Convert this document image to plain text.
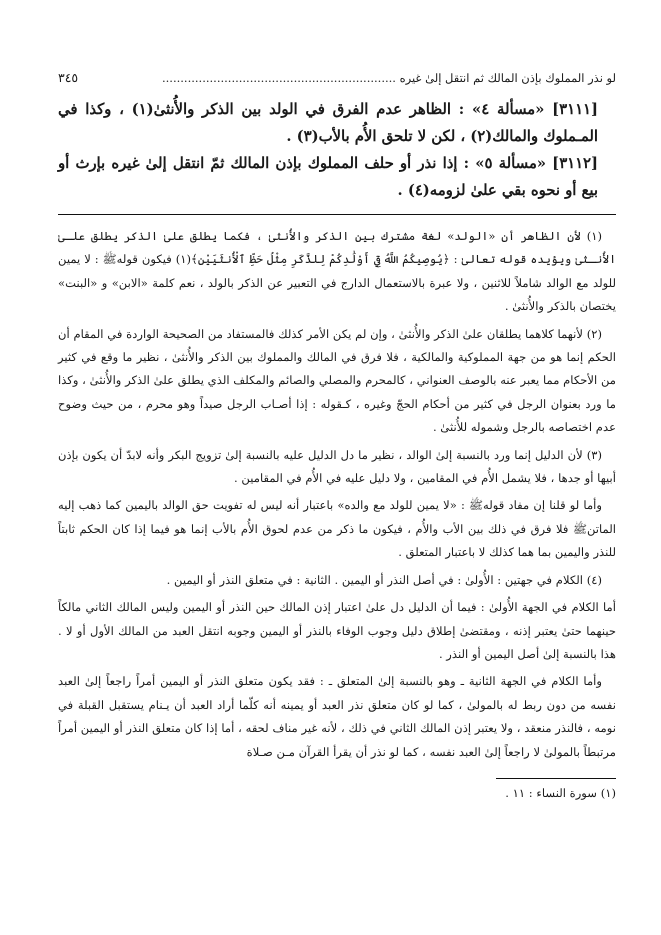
لو نذر المملوك بإذن المالك ثم انتقل إلىٰ غيره ................................................................
٣٤٥

[٣١١١] «مسألة ٤» : الظاهر عدم الفرق في الولد بين الذكر والأُنثىٰ(١) ، وكذا في المـملوك والمالك(٢) ، لكن لا تلحق الأُم بالأب(٣) .

[٣١١٢] «مسألة ٥» : إذا نذر أو حلف المملوك بإذن المالك ثمّ انتقل إلىٰ غيره بإرث أو بيع أو نحوه بقي علىٰ لزومه(٤) .

(١) لأن الظاهر أن «الولد» لغة مشترك بين الذكر والأُنثىٰ ، فكما يطلق علىٰ الذكر يطلق علـىٰ الأُنـثىٰ ويؤيده قوله تعالىٰ : ﴿يُوصِيكُمُ اللَّهُ فِيٓ أَوْلَٰدِكُمْ لِلذَّكَرِ مِثْلُ حَظِّ ٱلْأُنثَيَيْنِ﴾(١) فيكون قولهﷺ : لا يمين للولد مع الوالد شاملاً للاثنين ، ولا عبرة بالاستعمال الدارج في التعبير عن الذكر بالولد ، نعم كلمة «الابن» و «البنت» يختصان بالذكر والأُنثىٰ .

(٢) لأنهما كلاهما يطلقان علىٰ الذكر والأُنثىٰ ، وإن لم يكن الأمر كذلك فالمستفاد من الصحيحة الواردة في المقام أن الحكم إنما هو من جهة المملوكية والمالكية ، فلا فرق في المالك والمملوك بين الذكر والأُنثىٰ ، نظير ما وقع في كثير من الأحكام مما يعبر عنه بالوصف العنواني ، كالمحرم والمصلي والصائم والمكلف الذي يطلق علىٰ الذكر والأُنثىٰ ، وكذا ما ورد بعنوان الرجل في كثير من أحكام الحجّ وغيره ، كـقوله : إذا أصـاب الرجل صيداً وهو محرم ، من حيث وضوح عدم اختصاصه بالرجل وشموله للأُنثىٰ .

(٣) لأن الدليل إنما ورد بالنسبة إلىٰ الوالد ، نظير ما دل الدليل عليه بالنسبة إلىٰ تزويج البكر وأنه لابدّ أن يكون بإذن أبيها أو جدها ، فلا يشمل الأُم في المقامين ، ولا دليل عليه في الأُم في المقامين .

وأما لو قلنا إن مفاد قولهﷺ : «لا يمين للولد مع والده» باعتبار أنه ليس له تفويت حق الوالد باليمين كما ذهب إليه الماتنﷺ فلا فرق في ذلك بين الأب والأُم ، فيكون ما ذكر من عدم لحوق الأُم بالأب إنما هو فيما إذا كان الحكم ثابتاً للنذر واليمين بما هما كذلك لا باعتبار المتعلق .

(٤) الكلام في جهتين : الأُولىٰ : في أصل النذر أو اليمين . الثانية : في متعلق النذر أو اليمين .

أما الكلام في الجهة الأُولىٰ : فيما أن الدليل دل علىٰ اعتبار إذن المالك حين النذر أو اليمين وليس المالك الثاني مالكاً حينهما حتىٰ يعتبر إذنه ، ومقتضىٰ إطلاق دليل وجوب الوفاء بالنذر أو اليمين وجوبه انتقل العبد من المالك الأول أو لا . هذا بالنسبة إلىٰ أصل اليمين أو النذر .

وأما الكلام في الجهة الثانية ـ وهو بالنسبة إلىٰ المتعلق ـ : فقد يكون متعلق النذر أو اليمين أمراً راجعاً إلىٰ العبد نفسه من دون ربط له بالمولىٰ ، كما لو كان متعلق نذر العبد أو يمينه أنه كلّما أراد العبد أن يـنام يستقبل القبلة في نومه ، فالنذر منعقد ، ولا يعتبر إذن المالك الثاني في ذلك ، لأنه غير مناف لحقه ، أما إذا كان متعلق النذر أو اليمين أمراً مرتبطاً بالمولىٰ لا راجعاً إلىٰ العبد نفسه ، كما لو نذر أن يقرأ القرآن مـن صـلاة

(١) سورة النساء : ١١ .
